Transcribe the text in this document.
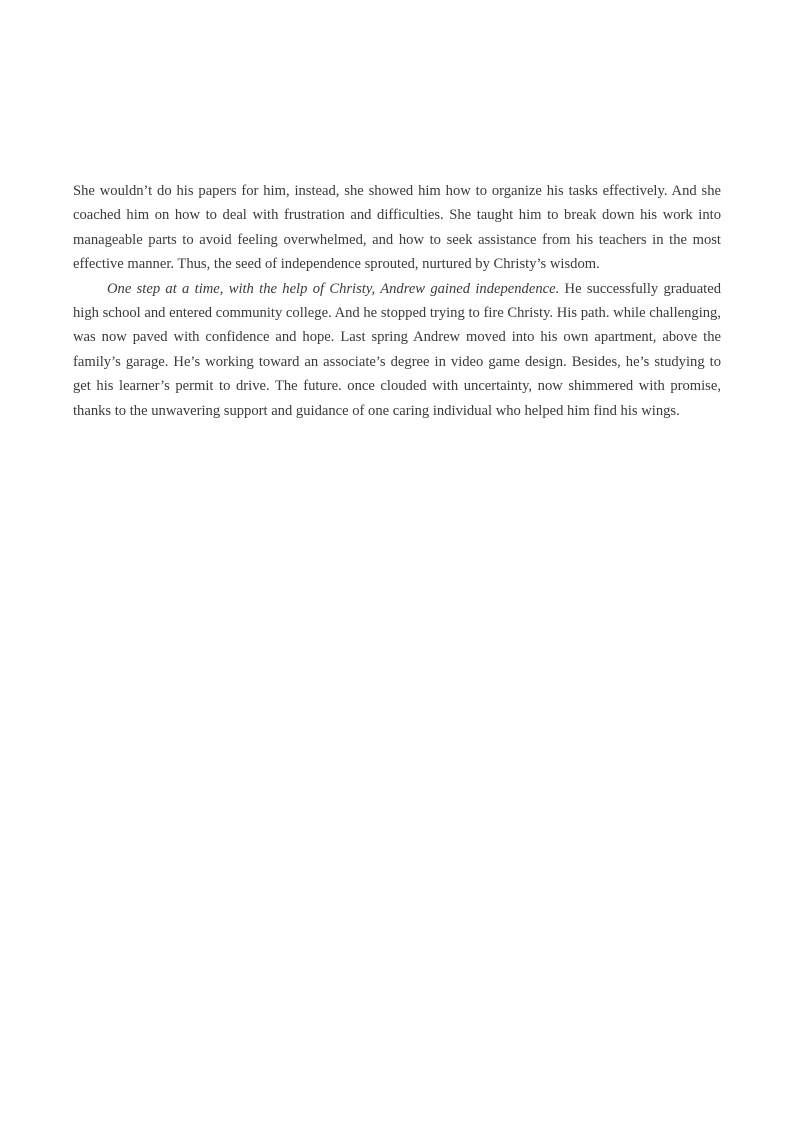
She wouldn’t do his papers for him, instead, she showed him how to organize his tasks effectively. And she coached him on how to deal with frustration and difficulties. She taught him to break down his work into manageable parts to avoid feeling overwhelmed, and how to seek assistance from his teachers in the most effective manner. Thus, the seed of independence sprouted, nurtured by Christy’s wisdom.

One step at a time, with the help of Christy, Andrew gained independence. He successfully graduated high school and entered community college. And he stopped trying to fire Christy. His path. while challenging, was now paved with confidence and hope. Last spring Andrew moved into his own apartment, above the family’s garage. He’s working toward an associate’s degree in video game design. Besides, he’s studying to get his learner’s permit to drive. The future. once clouded with uncertainty, now shimmered with promise, thanks to the unwavering support and guidance of one caring individual who helped him find his wings.
